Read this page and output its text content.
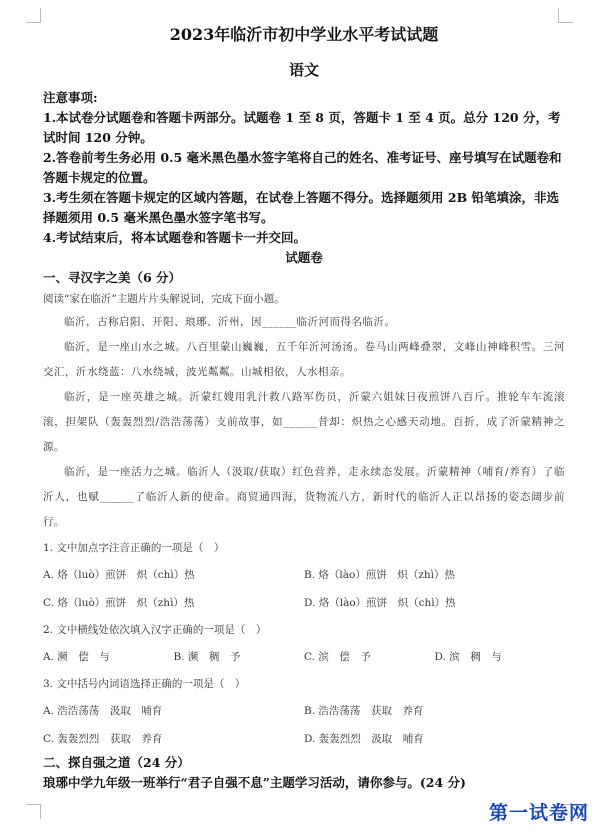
2023年临沂市初中学业水平考试试题
语文
注意事项:
1.本试卷分试题卷和答题卡两部分。试题卷 1 至 8 页，答题卡 1 至 4 页。总分 120 分，考试时间 120 分钟。
2.答卷前考生务必用 0.5 毫米黑色墨水签字笔将自己的姓名、准考证号、座号填写在试题卷和答题卡规定的位置。
3.考生须在答题卡规定的区域内答题，在试卷上答题不得分。选择题须用 2B 铅笔填涂，非选择题须用 0.5 毫米黑色墨水签字笔书写。
4.考试结束后，将本试题卷和答题卡一并交回。
试题卷
一、寻汉字之美（6 分）
阅读“家在临沂”主题片片头解说词，完成下面小题。
临沂，古称启阳、开阳、琅琊、沂州，因______临沂河而得名临沂。
临沂，是一座山水之城。八百里蒙山巍巍，五千年沂河汤汤。卷马山两峰叠翠，文峰山神峰积雪。三河交汇，沂水绕蓝：八水绕城，波光粼粼。山城相依，人水相亲。
临沂，是一座英雄之城。沂蒙红嫂用乳汁救八路军伤员，沂蒙六姐妹日夜煎饼八百斤。推轮车车流滚滚，担架队（轰轰烈烈/浩浩荡荡）支前故事，如______昔却：炽热之心感天动地。百折，成了沂蒙精神之源。
临沂，是一座活力之城。临沂人（汲取/获取）红色营养，走永续态发展。沂蒙精神（哺育/养育）了临沂人，也赋______了临沂人新的使命。商贸通四海，货物流八方，新时代的临沂人正以昂扬的姿态阔步前行。
1. 文中加点字注音正确的一项是（　）
A. 烙（luò）煎饼　炽（chì）热	B. 烙（lào）煎饼　炽（zhì）热
C. 烙（luò）煎饼　炽（zhì）热	D. 烙（lào）煎饼　炽（chì）热
2. 文中横线处依次填入汉字正确的一项是（　）
A. 濒　偿　与	B. 濒　稠　予	C. 滨　偿　予	D. 滨　稠　与
3. 文中括号内词语选择正确的一项是（　）
A. 浩浩荡荡　汲取　哺育	B. 浩浩荡荡　获取　养育
C. 轰轰烈烈　获取　养育	D. 轰轰烈烈　汲取　哺育
二、探自强之道（24 分）
琅琊中学九年级一班举行“君子自强不息”主题学习活动，请你参与。(24 分)
第一试卷网
